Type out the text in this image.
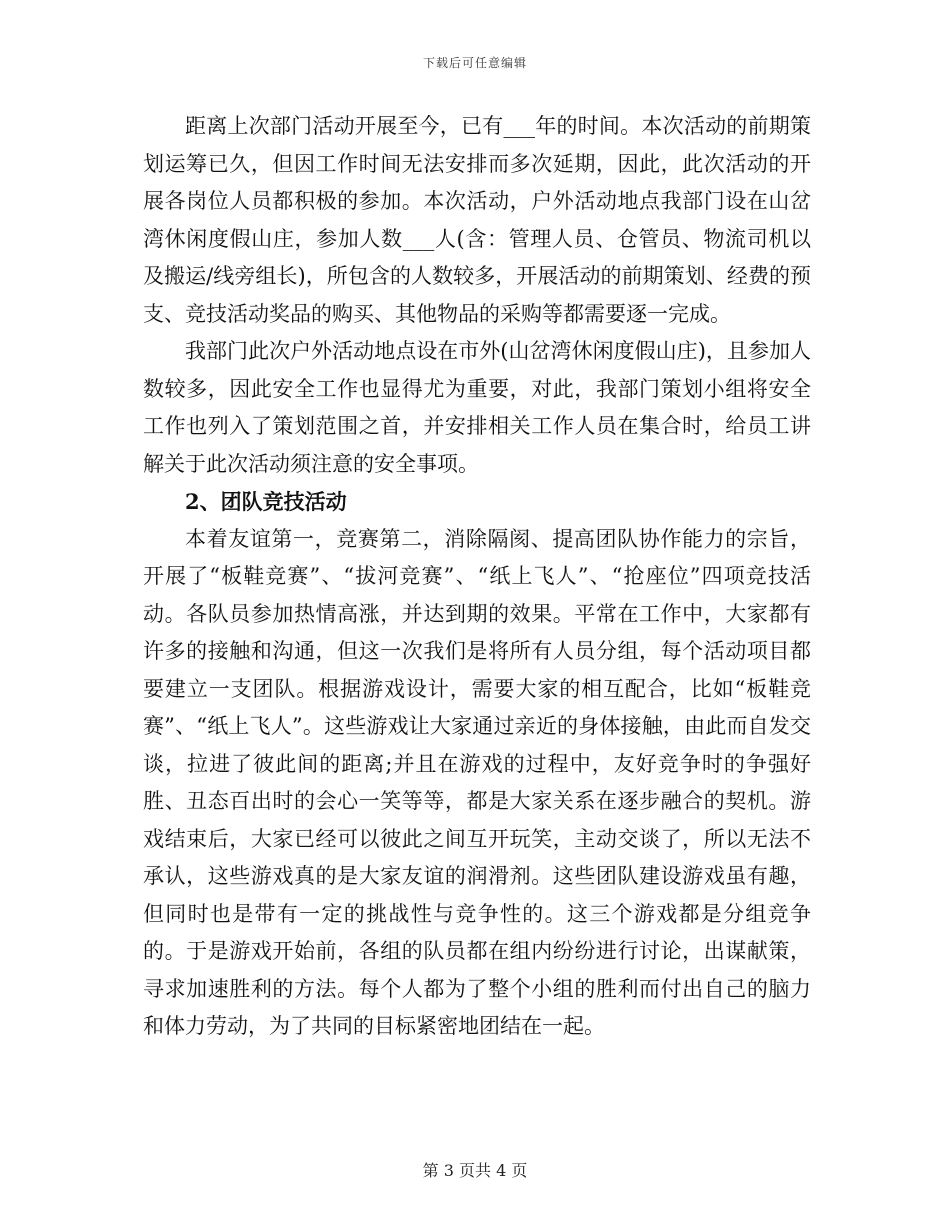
下载后可任意编辑

距离上次部门活动开展至今，已有___年的时间。本次活动的前期策划运筹已久，但因工作时间无法安排而多次延期，因此，此次活动的开展各岗位人员都积极的参加。本次活动，户外活动地点我部门设在山岔湾休闲度假山庄，参加人数___人(含：管理人员、仓管员、物流司机以及搬运/线旁组长)，所包含的人数较多，开展活动的前期策划、经费的预支、竞技活动奖品的购买、其他物品的采购等都需要逐一完成。

我部门此次户外活动地点设在市外(山岔湾休闲度假山庄)，且参加人数较多，因此安全工作也显得尤为重要，对此，我部门策划小组将安全工作也列入了策划范围之首，并安排相关工作人员在集合时，给员工讲解关于此次活动须注意的安全事项。

2、团队竞技活动

本着友谊第一，竞赛第二，消除隔阂、提高团队协作能力的宗旨，开展了“板鞋竞赛”、“拔河竞赛”、“纸上飞人”、“抢座位”四项竞技活动。各队员参加热情高涨，并达到期的效果。平常在工作中，大家都有许多的接触和沟通，但这一次我们是将所有人员分组，每个活动项目都要建立一支团队。根据游戏设计，需要大家的相互配合，比如“板鞋竞赛”、“纸上飞人”。这些游戏让大家通过亲近的身体接触，由此而自发交谈，拉进了彼此间的距离;并且在游戏的过程中，友好竞争时的争强好胜、丑态百出时的会心一笑等等，都是大家关系在逐步融合的契机。游戏结束后，大家已经可以彼此之间互开玩笑，主动交谈了，所以无法不承认，这些游戏真的是大家友谊的润滑剂。这些团队建设游戏虽有趣，但同时也是带有一定的挑战性与竞争性的。这三个游戏都是分组竞争的。于是游戏开始前，各组的队员都在组内纷纷进行讨论，出谋献策，寻求加速胜利的方法。每个人都为了整个小组的胜利而付出自己的脑力和体力劳动，为了共同的目标紧密地团结在一起。

第 3 页共 4 页
